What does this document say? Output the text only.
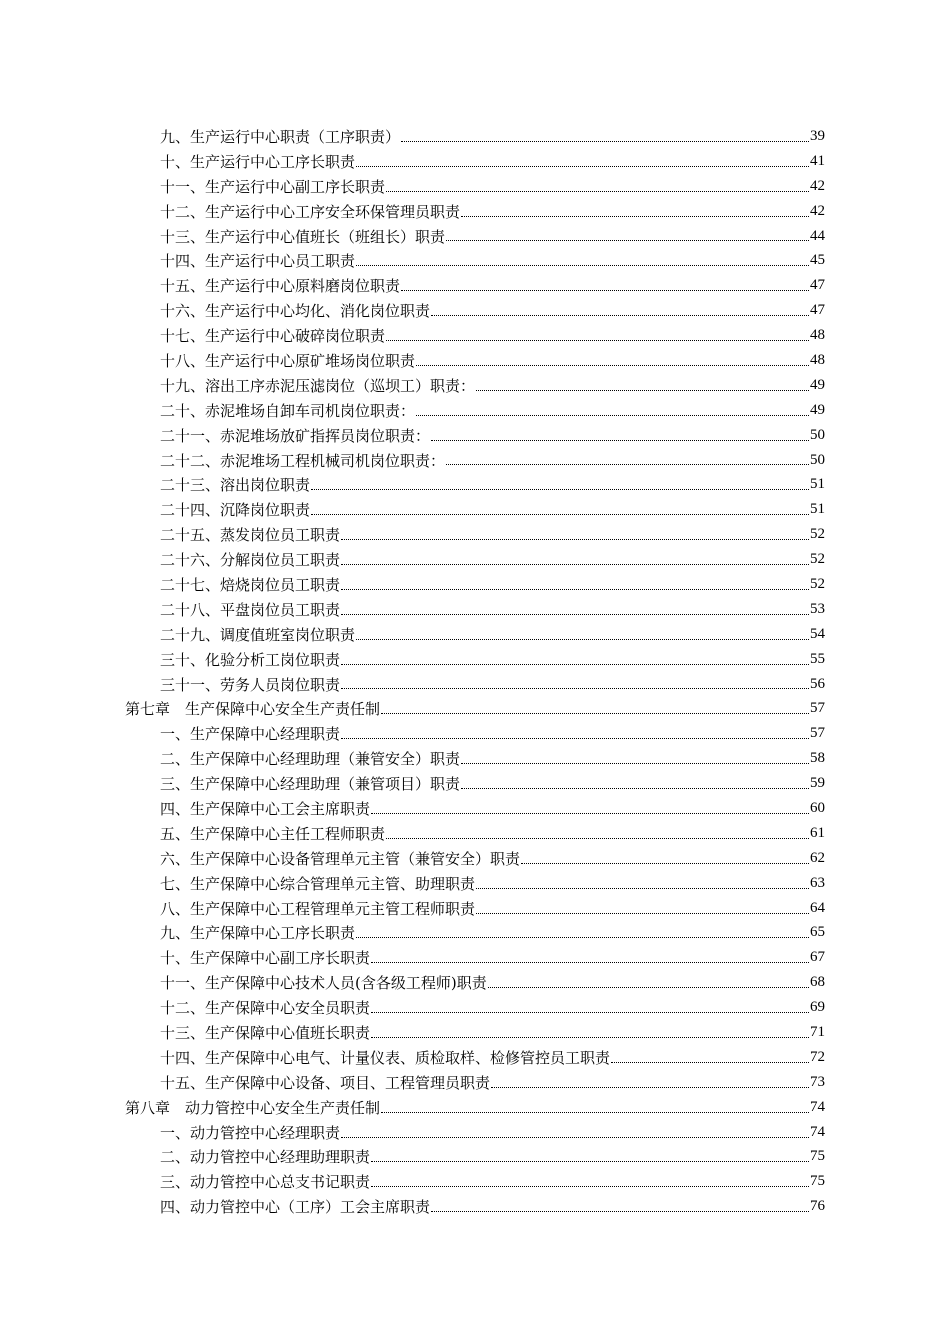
九、生产运行中心职责（工序职责）	39
十、生产运行中心工序长职责	41
十一、生产运行中心副工序长职责	42
十二、生产运行中心工序安全环保管理员职责	42
十三、生产运行中心值班长（班组长）职责	44
十四、生产运行中心员工职责	45
十五、生产运行中心原料磨岗位职责	47
十六、生产运行中心均化、消化岗位职责	47
十七、生产运行中心破碎岗位职责	48
十八、生产运行中心原矿堆场岗位职责	48
十九、溶出工序赤泥压滤岗位（巡坝工）职责：	49
二十、赤泥堆场自卸车司机岗位职责：	49
二十一、赤泥堆场放矿指挥员岗位职责：	50
二十二、赤泥堆场工程机械司机岗位职责：	50
二十三、溶出岗位职责	51
二十四、沉降岗位职责	51
二十五、蒸发岗位员工职责	52
二十六、分解岗位员工职责	52
二十七、焙烧岗位员工职责	52
二十八、平盘岗位员工职责	53
二十九、调度值班室岗位职责	54
三十、化验分析工岗位职责	55
三十一、劳务人员岗位职责	56
第七章　生产保障中心安全生产责任制	57
一、生产保障中心经理职责	57
二、生产保障中心经理助理（兼管安全）职责	58
三、生产保障中心经理助理（兼管项目）职责	59
四、生产保障中心工会主席职责	60
五、生产保障中心主任工程师职责	61
六、生产保障中心设备管理单元主管（兼管安全）职责	62
七、生产保障中心综合管理单元主管、助理职责	63
八、生产保障中心工程管理单元主管工程师职责	64
九、生产保障中心工序长职责	65
十、生产保障中心副工序长职责	67
十一、生产保障中心技术人员(含各级工程师)职责	68
十二、生产保障中心安全员职责	69
十三、生产保障中心值班长职责	71
十四、生产保障中心电气、计量仪表、质检取样、检修管控员工职责	72
十五、生产保障中心设备、项目、工程管理员职责	73
第八章　动力管控中心安全生产责任制	74
一、动力管控中心经理职责	74
二、动力管控中心经理助理职责	75
三、动力管控中心总支书记职责	75
四、动力管控中心（工序）工会主席职责	76
